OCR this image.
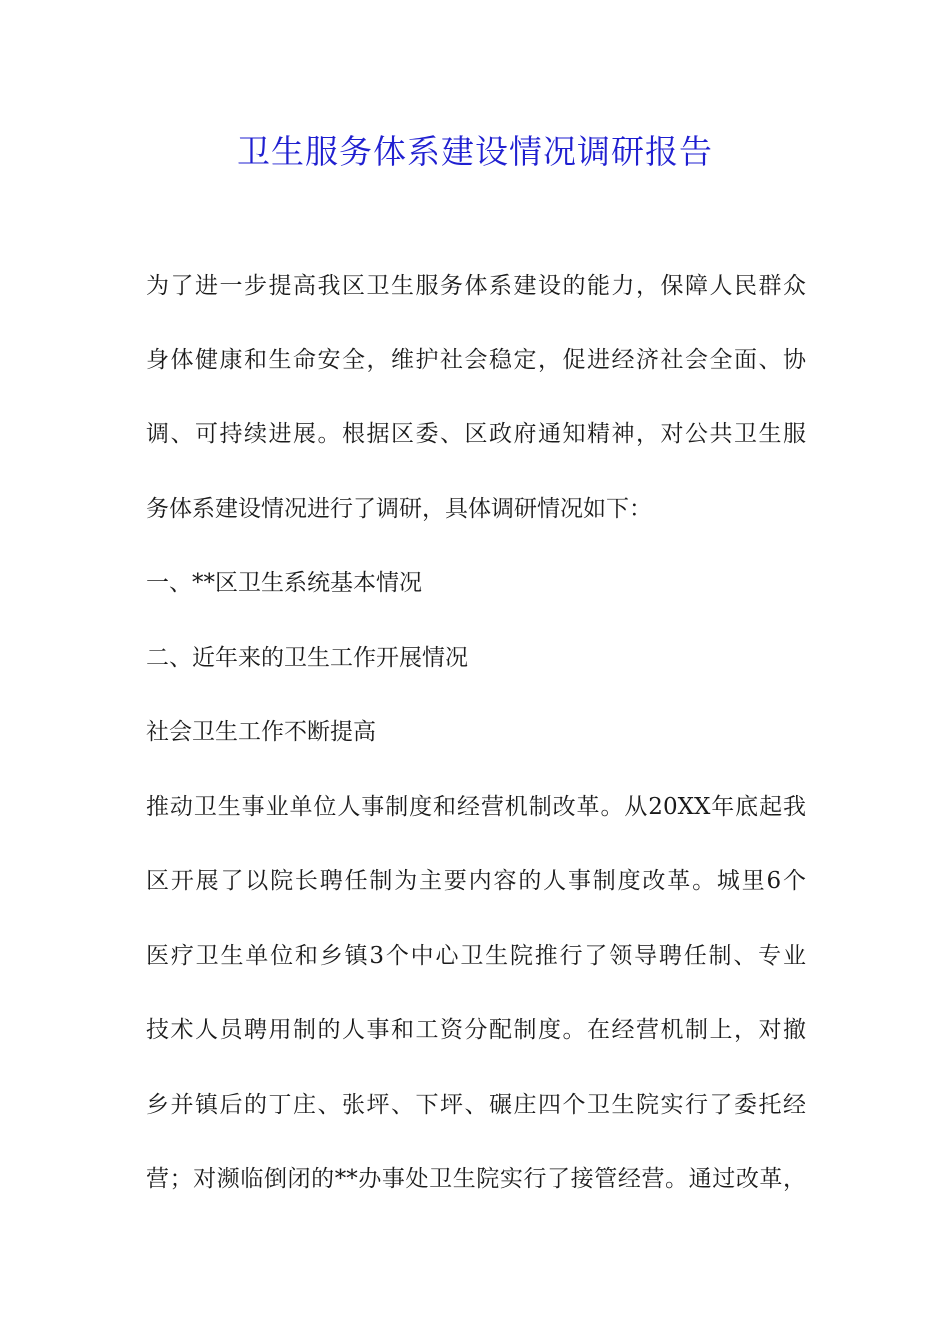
卫生服务体系建设情况调研报告

为了进一步提高我区卫生服务体系建设的能力，保障人民群众

身体健康和生命安全，维护社会稳定，促进经济社会全面、协

调、可持续进展。根据区委、区政府通知精神，对公共卫生服

务体系建设情况进行了调研，具体调研情况如下：

一、**区卫生系统基本情况

二、近年来的卫生工作开展情况

社会卫生工作不断提高

推动卫生事业单位人事制度和经营机制改革。从20XX年底起我

区开展了以院长聘任制为主要内容的人事制度改革。城里6个

医疗卫生单位和乡镇3个中心卫生院推行了领导聘任制、专业

技术人员聘用制的人事和工资分配制度。在经营机制上，对撤

乡并镇后的丁庄、张坪、下坪、碾庄四个卫生院实行了委托经

营；对濒临倒闭的**办事处卫生院实行了接管经营。通过改革，
